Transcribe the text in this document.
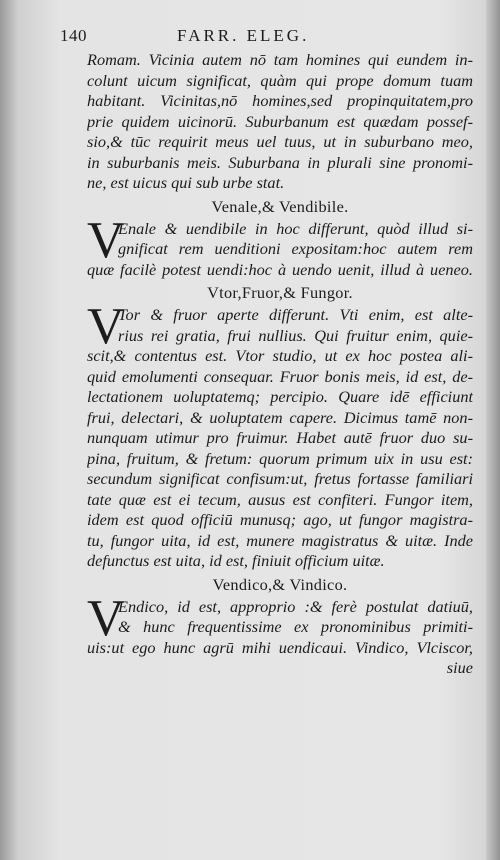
140	FARR. ELEG.
Romam. Vicinia autem nō tam homines qui eundem in-
colunt uicum significat, quàm qui prope domum tuam
habitant. Vicinitas,nō homines,sed propinquitatem,pro
prie quidem uicinorū. Suburbanum est quædam possef-
sio,& tūc requirit meus uel tuus, ut in suburbano meo,
in suburbanis meis. Suburbana in plurali sine pronomi-
ne, est uicus qui sub urbe stat.
Venale,& Vendibile.
V
Enale & uendibile in hoc differunt, quòd illud si-
gnificat rem uenditioni expositam:hoc autem rem
quæ facilè potest uendi:hoc à uendo uenit, illud à ueneo.
Vtor,Fruor,& Fungor.
V
Tor & fruor aperte differunt. Vti enim, est alte-
rius rei gratia, frui nullius. Qui fruitur enim, quie-
scit,& contentus est. Vtor studio, ut ex hoc postea ali-
quid emolumenti consequar. Fruor bonis meis, id est, de-
lectationem uoluptatemq; percipio. Quare idē efficiunt
frui, delectari, & uoluptatem capere. Dicimus tamē non-
nunquam utimur pro fruimur. Habet autē fruor duo su-
pina, fruitum, & fretum: quorum primum uix in usu est:
secundum significat confisum:ut, fretus fortasse familiari
tate quæ est ei tecum, ausus est confiteri. Fungor item,
idem est quod officiū munusq; ago, ut fungor magistra-
tu, fungor uita, id est, munere magistratus & uitæ. Inde
defunctus est uita, id est, finiuit officium uitæ.
Vendico,& Vindico.
V
Endico, id est, approprio :& ferè postulat datiuū,
& hunc frequentissime ex pronominibus primiti-
uis:ut ego hunc agrū mihi uendicaui. Vindico, Vlciscor,
siue
